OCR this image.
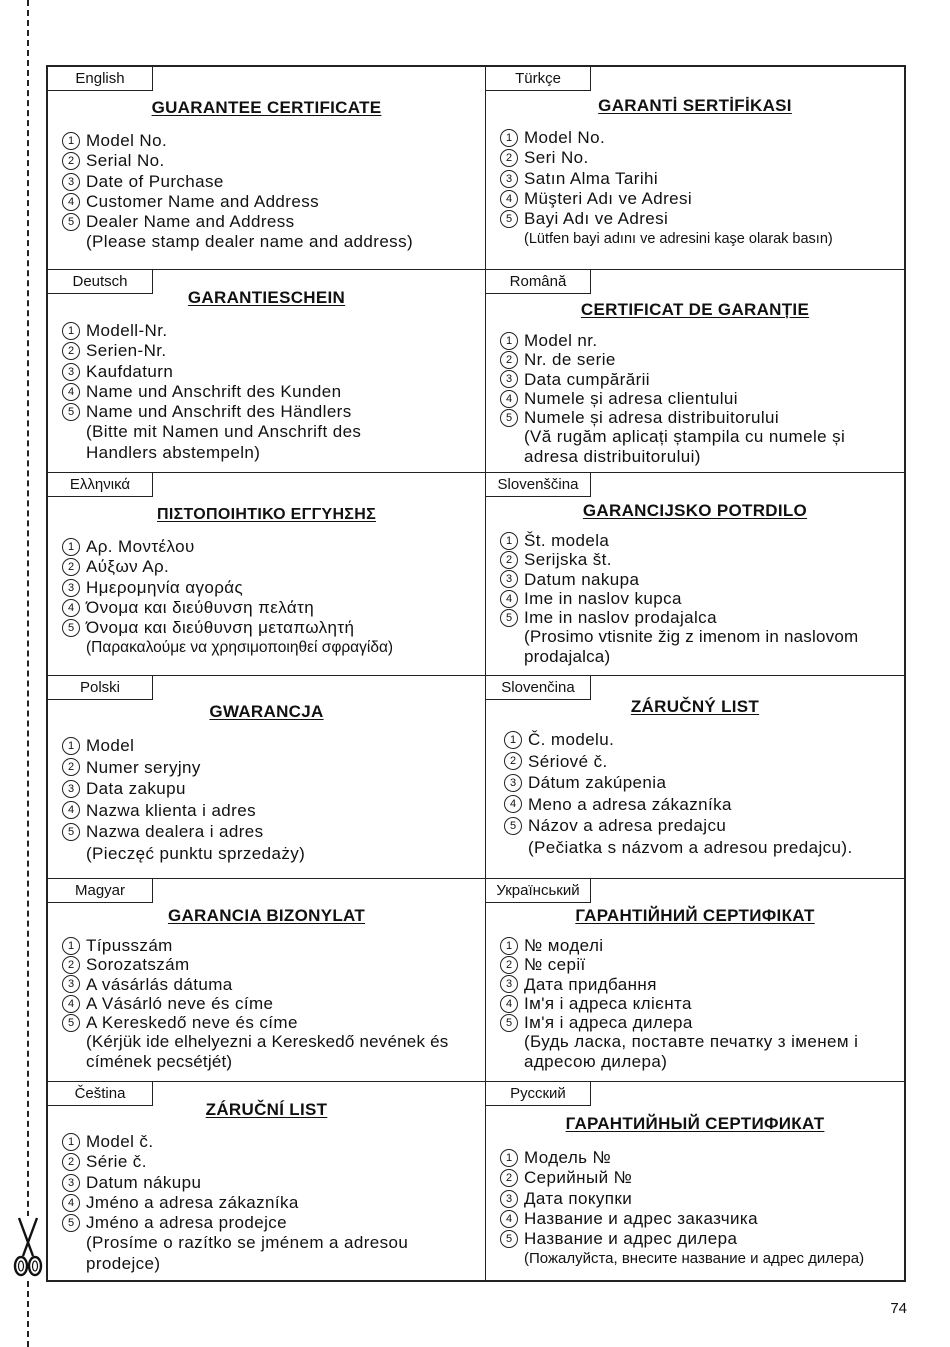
English
GUARANTEE CERTIFICATE
1 Model No.
2 Serial No.
3 Date of Purchase
4 Customer Name and Address
5 Dealer Name and Address
(Please stamp dealer name and address)
Türkçe
GARANTİ SERTİFİKASI
1 Model No.
2 Seri No.
3 Satın Alma Tarihi
4 Müşteri Adı ve Adresi
5 Bayi Adı ve Adresi
(Lütfen bayi adını ve adresini kaşe olarak basın)
Deutsch
GARANTIESCHEIN
1 Modell-Nr.
2 Serien-Nr.
3 Kaufdaturn
4 Name und Anschrift des Kunden
5 Name und Anschrift des Händlers
(Bitte mit Namen und Anschrift des Handlers abstempeln)
Română
CERTIFICAT DE GARANȚIE
1 Model nr.
2 Nr. de serie
3 Data cumpărării
4 Numele și adresa clientului
5 Numele și adresa distribuitorului
(Vă rugăm aplicați ștampila cu numele și adresa distribuitorului)
Ελληνικά
ΠΙΣΤΟΠΟΙΗΤΙΚΟ ΕΓΓΥΗΣΗΣ
1 Αρ. Μοντέλου
2 Αύξων Αρ.
3 Ημερομηνία αγοράς
4 Όνομα και διεύθυνση πελάτη
5 Όνομα και διεύθυνση μεταπωλητή
(Παρακαλούμε να χρησιμοποιηθεί σφραγίδα)
Slovenščina
GARANCIJSKO POTRDILO
1 Št. modela
2 Serijska št.
3 Datum nakupa
4 Ime in naslov kupca
5 Ime in naslov prodajalca
(Prosimo vtisnite žig z imenom in naslovom prodajalca)
Polski
GWARANCJA
1 Model
2 Numer seryjny
3 Data zakupu
4 Nazwa klienta i adres
5 Nazwa dealera i adres
(Pieczęć punktu sprzedaży)
Slovenčina
ZÁRUČNÝ LIST
1 Č. modelu.
2 Sériové č.
3 Dátum zakúpenia
4 Meno a adresa zákazníka
5 Názov a adresa predajcu
(Pečiatka s názvom a adresou predajcu).
Magyar
GARANCIA BIZONYLAT
1 Típusszám
2 Sorozatszám
3 A vásárlás dátuma
4 A Vásárló neve és címe
5 A Kereskedő neve és címe
(Kérjük ide elhelyezni a Kereskedő nevének és címének pecsétjét)
Український
ГАРАНТІЙНИЙ СЕРТИФІКАТ
1 № моделі
2 № серії
3 Дата придбання
4 Ім'я і адреса клієнта
5 Ім'я і адреса дилера
(Будь ласка, поставте печатку з іменем і адресою дилера)
Čeština
ZÁRUČNÍ LIST
1 Model č.
2 Série č.
3 Datum nákupu
4 Jméno a adresa zákazníka
5 Jméno a adresa prodejce
(Prosíme o razítko se jménem a adresou prodejce)
Русский
ГАРАНТИЙНЫЙ СЕРТИФИКАТ
1 Модель №
2 Серийный №
3 Дата покупки
4 Название и адрес заказчика
5 Название и адрес дилера
(Пожалуйста, внесите название и адрес дилера)
74
